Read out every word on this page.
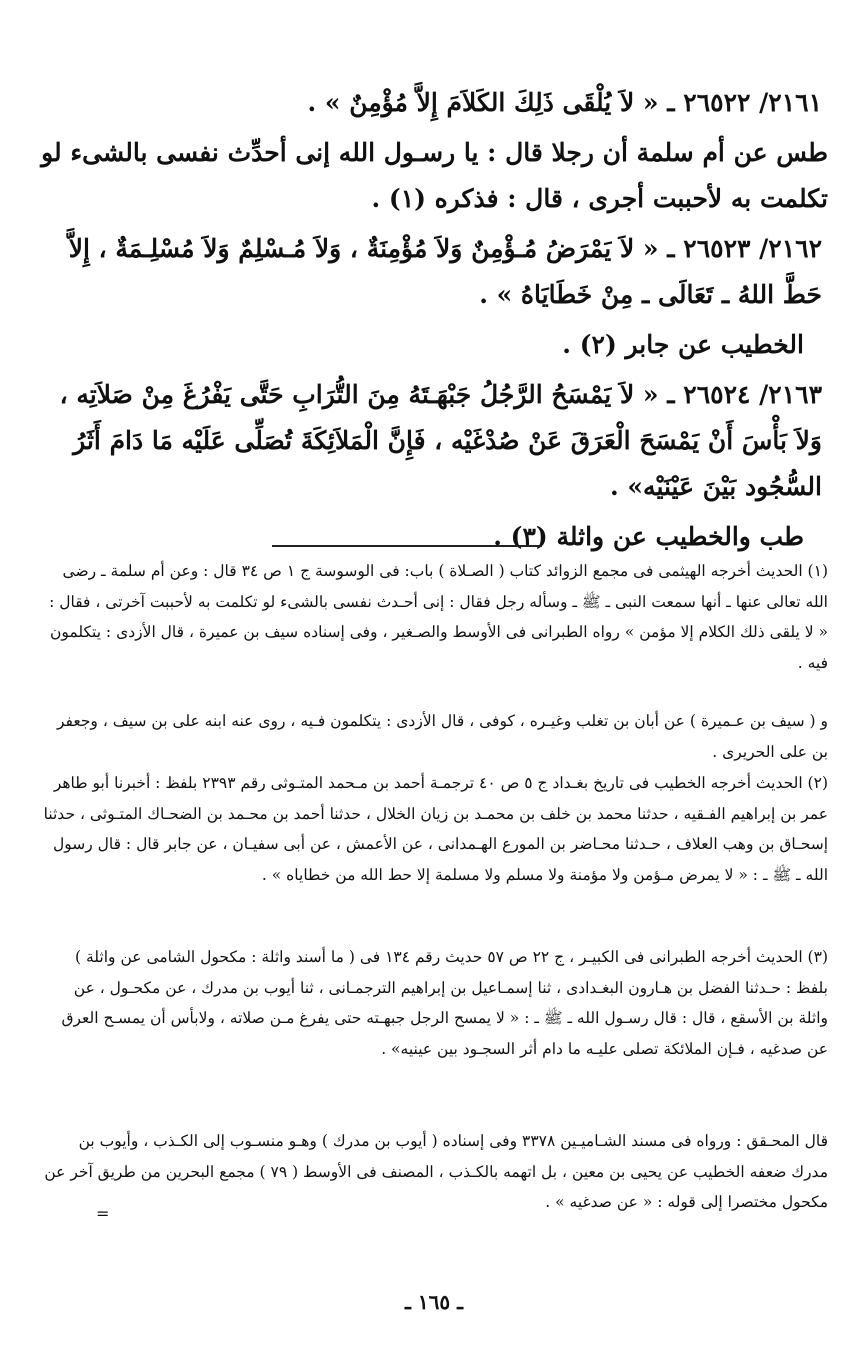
٢١٦١/ ٢٦٥٢٢ ـ « لاَ يُلْقَى ذَلِكَ الكَلاَمَ إِلاَّ مُؤْمِنٌ » .

طس عن أم سلمة أن رجلا قال : يا رسـول الله إنى أحدِّث نفسى بالشىء لو تكلمت به لأحببت أجرى ، قال : فذكره (١) .

٢١٦٢/ ٢٦٥٢٣ ـ « لاَ يَمْرَضُ مُـؤْمِنٌ وَلاَ مُؤْمِنَةٌ ، وَلاَ مُـسْلِمٌ وَلاَ مُسْلِـمَةٌ ، إِلاَّ حَطَّ اللهُ ـ تَعَالَى ـ مِنْ خَطَايَاهُ » .

الخطيب عن جابر (٢) .

٢١٦٣/ ٢٦٥٢٤ ـ « لاَ يَمْسَحُ الرَّجُلُ جَبْهَـتَهُ مِنَ التُّرَابِ حَتَّى يَفْرُغَ مِنْ صَلاَتِه ، وَلاَ بَأْسَ أَنْ يَمْسَحَ الْعَرَقَ عَنْ صُدْغَيْه ، فَإِنَّ الْمَلاَئِكَةَ تُصَلِّى عَلَيْه مَا دَامَ أَثَرُ السُّجُود بَيْنَ عَيْنَيْه» .

طب والخطيب عن واثلة (٣) .

(١) الحديث أخرجه الهيثمى فى مجمع الزوائد كتاب ( الصـلاة ) باب: فى الوسوسة ج ١ ص ٣٤ قال : وعن أم سلمة ـ رضى الله تعالى عنها ـ أنها سمعت النبى ـ ﷺ ـ وسأله رجل فقال : إنى أحـدث نفسى بالشىء لو تكلمت به لأحببت آخرتى ، فقال : « لا يلقى ذلك الكلام إلا مؤمن » رواه الطبرانى فى الأوسط والصـغير ، وفى إسناده سيف بن عميرة ، قال الأزدى : يتكلمون فيه .

و ( سيف بن عـميرة ) عن أبان بن تغلب وغيـره ، كوفى ، قال الأزدى : يتكلمون فـيه ، روى عنه ابنه على بن سيف ، وجعفر بن على الحريرى .

(٢) الحديث أخرجه الخطيب فى تاريخ بغـداد ج ٥ ص ٤٠ ترجمـة أحمد بن مـحمد المتـوثى رقم ٢٣٩٣ بلفظ : أخبرنا أبو طاهر عمر بن إبراهيم الفـقيه ، حدثنا محمد بن خلف بن محمـد بن زيان الخلال ، حدثنا أحمد بن محـمد بن الضحـاك المتـوثى ، حدثنا إسحـاق بن وهب العلاف ، حـدثنا محـاضر بن المورع الهـمدانى ، عن الأعمش ، عن أبى سفيـان ، عن جابر قال : قال رسول الله ـ ﷺ ـ : « لا يمرض مـؤمن ولا مؤمنة ولا مسلم ولا مسلمة إلا حط الله من خطاياه » .

(٣) الحديث أخرجه الطبرانى فى الكبيـر ، ج ٢٢ ص ٥٧ حديث رقم ١٣٤ فى ( ما أسند واثلة : مكحول الشامى عن واثلة ) بلفظ : حـدثنا الفضل بن هـارون البغـدادى ، ثنا إسمـاعيل بن إبراهيم الترجمـانى ، ثنا أيوب بن مدرك ، عن مكحـول ، عن واثلة بن الأسقع ، قال : قال رسـول الله ـ ﷺ ـ : « لا يمسح الرجل جبهـته حتى يفرغ مـن صلاته ، ولابأس أن يمسـح العرق عن صدغيه ، فـإن الملائكة تصلى عليـه ما دام أثر السجـود بين عينيه» .

قال المحـقق : ورواه فى مسند الشـاميـين ٣٣٧٨ وفى إسناده ( أيوب بن مدرك ) وهـو منسـوب إلى الكـذب ، وأيوب بن مدرك ضعفه الخطيب عن يحيى بن معين ، بل اتهمه بالكـذب ، المصنف فى الأوسط ( ٧٩ ) مجمع البحرين من طريق آخر عن مكحول مختصرا إلى قوله : « عن صدغيه » .

=
ـ ١٦٥ ـ
